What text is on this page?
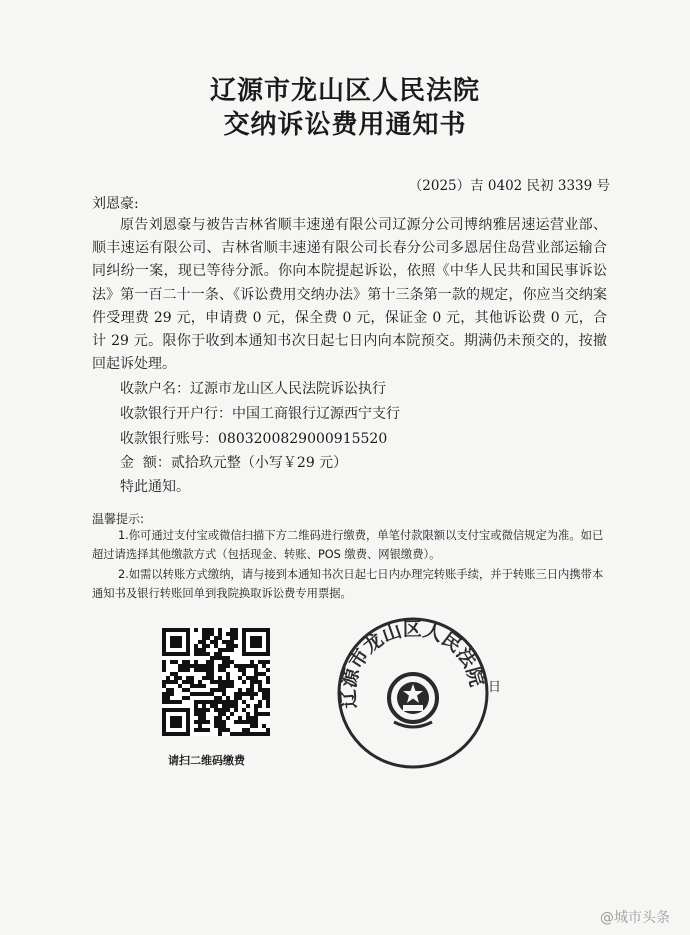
辽源市龙山区人民法院
交纳诉讼费用通知书
（2025）吉 0402 民初 3339 号
刘恩豪:

原告刘恩豪与被告吉林省顺丰速递有限公司辽源分公司博纳雅居速运营业部、顺丰速运有限公司、吉林省顺丰速递有限公司长春分公司多恩居住岛营业部运输合同纠纷一案，现已等待分派。你向本院提起诉讼，依照《中华人民共和国民事诉讼法》第一百二十一条、《诉讼费用交纳办法》第十三条第一款的规定，你应当交纳案件受理费 29 元，申请费 0 元，保全费 0 元，保证金 0 元，其他诉讼费 0 元，合计 29 元。限你于收到本通知书次日起七日内向本院预交。期满仍未预交的，按撤回起诉处理。

收款户名：辽源市龙山区人民法院诉讼执行
收款银行开户行：中国工商银行辽源西宁支行
收款银行账号：0803200829000915520
金  额：贰拾玖元整（小写￥29 元）
特此通知。
温馨提示:

1.你可通过支付宝或微信扫描下方二维码进行缴费，单笔付款限额以支付宝或微信规定为准。如已超过请选择其他缴款方式（包括现金、转账、POS 缴费、网银缴费）。

2.如需以转账方式缴纳，请与接到本通知书次日起七日内办理完转账手续，并于转账三日内携带本通知书及银行转账回单到我院换取诉讼费专用票据。

请扫二维码缴费
辽源市龙山区人民法院 日
@城市头条
